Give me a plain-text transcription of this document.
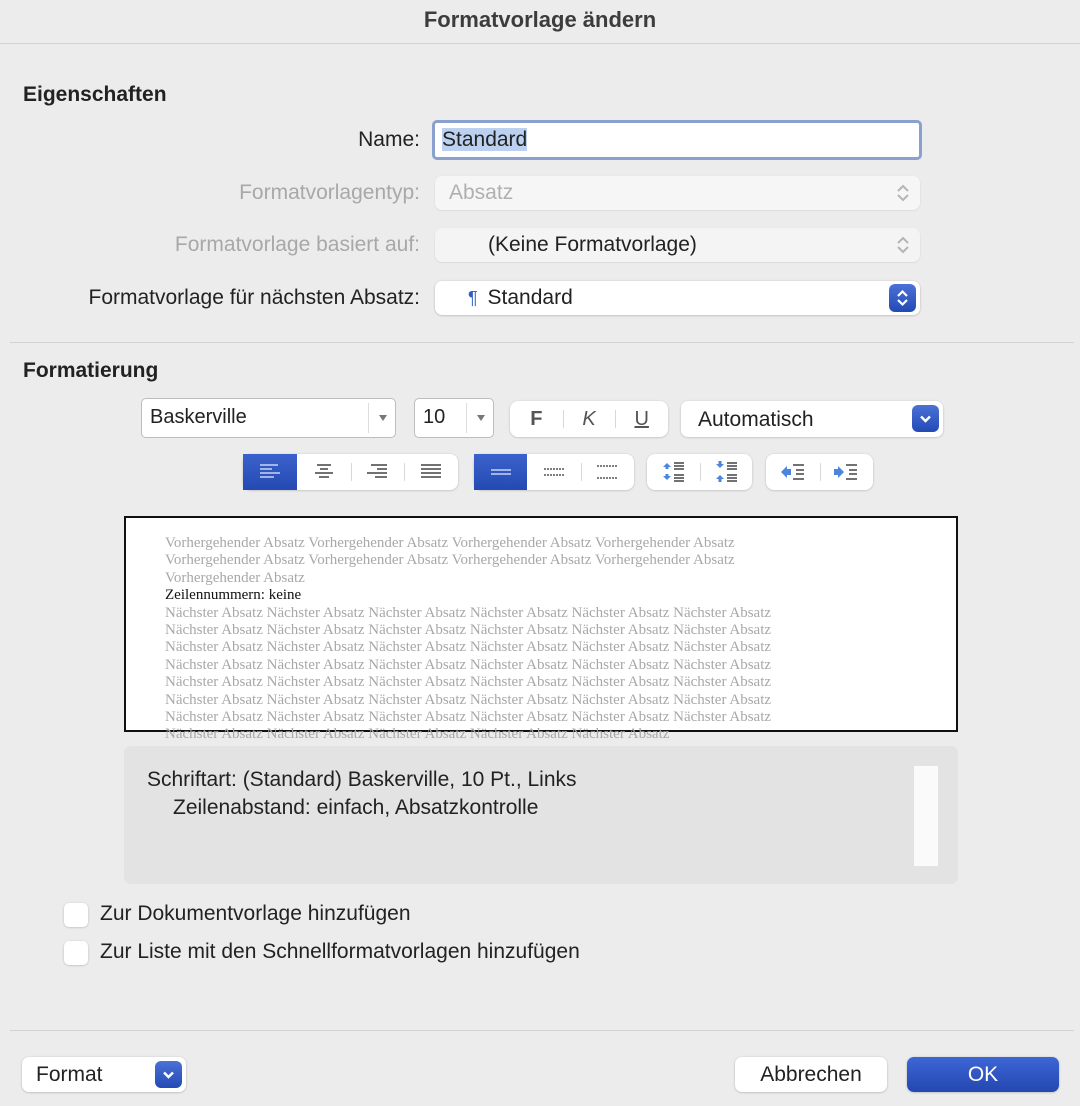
Formatvorlage ändern
Eigenschaften
Name:	Standard
Formatvorlagentyp:	Absatz
Formatvorlage basiert auf:	(Keine Formatvorlage)
Formatvorlage für nächsten Absatz:	¶ Standard
Formatierung
Baskerville	10	F K U	Automatisch
Vorhergehender Absatz Vorhergehender Absatz Vorhergehender Absatz Vorhergehender Absatz
Vorhergehender Absatz Vorhergehender Absatz Vorhergehender Absatz Vorhergehender Absatz
Vorhergehender Absatz
Zeilennummern: keine
Nächster Absatz Nächster Absatz Nächster Absatz Nächster Absatz Nächster Absatz Nächster Absatz
Nächster Absatz Nächster Absatz Nächster Absatz Nächster Absatz Nächster Absatz Nächster Absatz
Nächster Absatz Nächster Absatz Nächster Absatz Nächster Absatz Nächster Absatz Nächster Absatz
Nächster Absatz Nächster Absatz Nächster Absatz Nächster Absatz Nächster Absatz Nächster Absatz
Nächster Absatz Nächster Absatz Nächster Absatz Nächster Absatz Nächster Absatz Nächster Absatz
Nächster Absatz Nächster Absatz Nächster Absatz Nächster Absatz Nächster Absatz Nächster Absatz
Nächster Absatz Nächster Absatz Nächster Absatz Nächster Absatz Nächster Absatz Nächster Absatz
Nächster Absatz Nächster Absatz Nächster Absatz Nächster Absatz Nächster Absatz
Schriftart: (Standard) Baskerville, 10 Pt., Links
Zeilenabstand: einfach, Absatzkontrolle
Zur Dokumentvorlage hinzufügen
Zur Liste mit den Schnellformatvorlagen hinzufügen
Format	Abbrechen	OK
